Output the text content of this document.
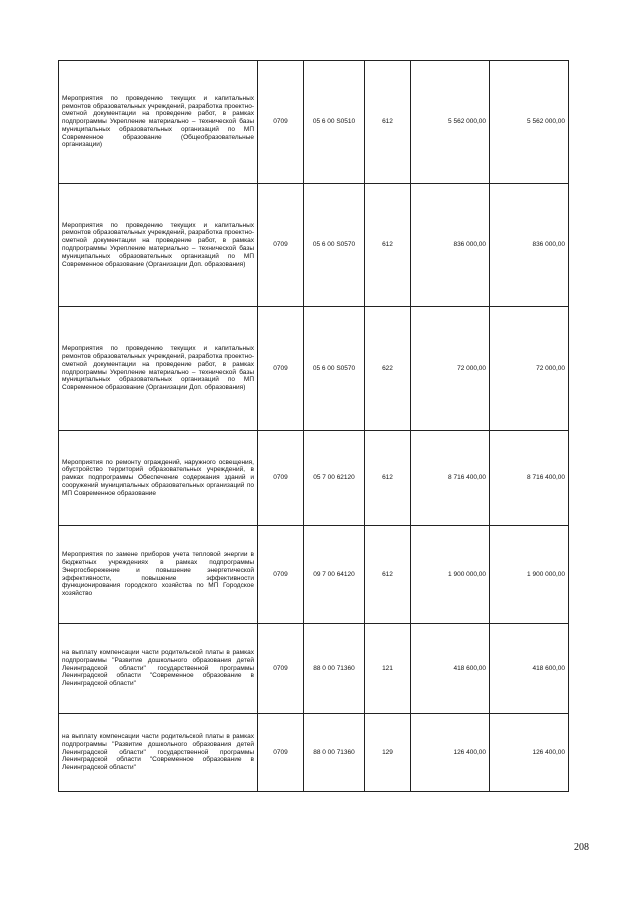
Мероприятия по проведению текущих и капитальных ремонтов образовательных учреждений, разработка проектно-сметной документации на проведение работ, в рамках подпрограммы Укрепление материально – технической базы муниципальных образовательных организаций по МП Современное образование (Общеобразовательные организации)	0709	05 6 00 S0510	612	5 562 000,00	5 562 000,00
Мероприятия по проведению текущих и капитальных ремонтов образовательных учреждений, разработка проектно-сметной документации на проведение работ, в рамках подпрограммы Укрепление материально – технической базы муниципальных образовательных организаций по МП Современное образование (Организации Доп. образования)	0709	05 6 00 S0570	612	836 000,00	836 000,00
Мероприятия по проведению текущих и капитальных ремонтов образовательных учреждений, разработка проектно-сметной документации на проведение работ, в рамках подпрограммы Укрепление материально – технической базы муниципальных образовательных организаций по МП Современное образование (Организации Доп. образования)	0709	05 6 00 S0570	622	72 000,00	72 000,00
Мероприятия по ремонту ограждений, наружного освещения, обустройство территорий образовательных учреждений, в рамках подпрограммы Обеспечение содержания зданий и сооружений муниципальных образовательных организаций по МП Современное образование	0709	05 7 00 62120	612	8 716 400,00	8 716 400,00
Мероприятия по замене приборов учета тепловой энергии в бюджетных учреждениях в рамках подпрограммы Энергосбережение и повышение энергетической эффективности, повышение эффективности функционирования городского хозяйства по МП Городское хозяйство	0709	09 7 00 64120	612	1 900 000,00	1 900 000,00
на выплату компенсации части родительской платы в рамках подпрограммы "Развитие дошкольного образования детей Ленинградской области" государственной программы Ленинградской области "Современное образование в Ленинградской области"	0709	88 0 00 71360	121	418 600,00	418 600,00
на выплату компенсации части родительской платы в рамках подпрограммы "Развитие дошкольного образования детей Ленинградской области" государственной программы Ленинградской области "Современное образование в Ленинградской области"	0709	88 0 00 71360	129	126 400,00	126 400,00
208
